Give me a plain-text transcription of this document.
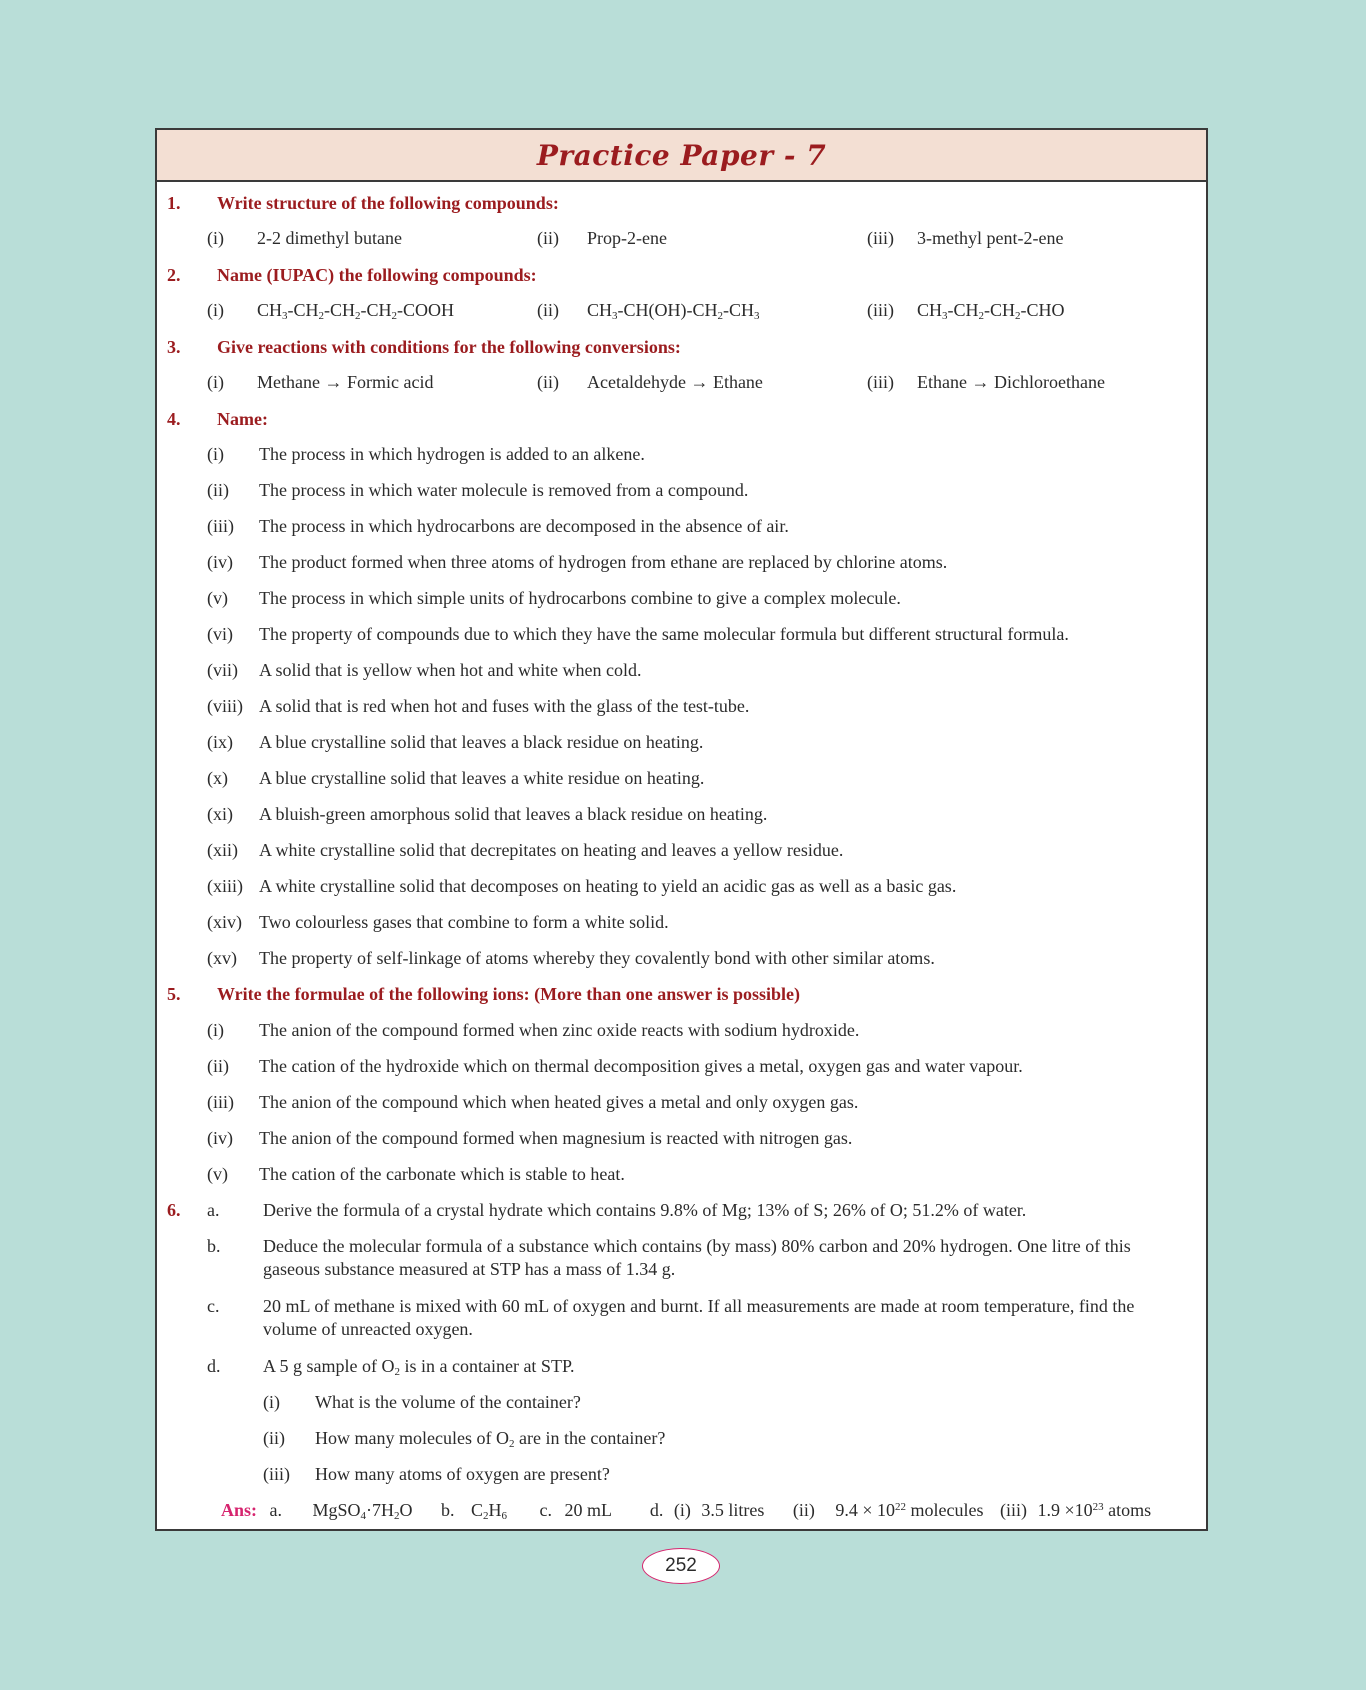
Practice Paper - 7
1.	Write structure of the following compounds:
(i) 2-2 dimethyl butane	(ii) Prop-2-ene	(iii) 3-methyl pent-2-ene
2.	Name (IUPAC) the following compounds:
(i) $CH_3-CH_2-CH_2-CH_2$-COOH	(ii) $CH_3-CH(OH)-CH_2-CH_3$	(iii) $CH_3-CH_2-CH_2$-CHO
3.	Give reactions with conditions for the following conversions:
(i) Methane → Formic acid	(ii) Acetaldehyde → Ethane	(iii) Ethane → Dichloroethane
4.	Name:
(i) The process in which hydrogen is added to an alkene.
(ii) The process in which water molecule is removed from a compound.
(iii) The process in which hydrocarbons are decomposed in the absence of air.
(iv) The product formed when three atoms of hydrogen from ethane are replaced by chlorine atoms.
(v) The process in which simple units of hydrocarbons combine to give a complex molecule.
(vi) The property of compounds due to which they have the same molecular formula but different structural formula.
(vii) A solid that is yellow when hot and white when cold.
(viii) A solid that is red when hot and fuses with the glass of the test-tube.
(ix) A blue crystalline solid that leaves a black residue on heating.
(x) A blue crystalline solid that leaves a white residue on heating.
(xi) A bluish-green amorphous solid that leaves a black residue on heating.
(xii) A white crystalline solid that decrepitates on heating and leaves a yellow residue.
(xiii) A white crystalline solid that decomposes on heating to yield an acidic gas as well as a basic gas.
(xiv) Two colourless gases that combine to form a white solid.
(xv) The property of self-linkage of atoms whereby they covalently bond with other similar atoms.
5.	Write the formulae of the following ions: (More than one answer is possible)
(i) The anion of the compound formed when zinc oxide reacts with sodium hydroxide.
(ii) The cation of the hydroxide which on thermal decomposition gives a metal, oxygen gas and water vapour.
(iii) The anion of the compound which when heated gives a metal and only oxygen gas.
(iv) The anion of the compound formed when magnesium is reacted with nitrogen gas.
(v) The cation of the carbonate which is stable to heat.
6.	a. Derive the formula of a crystal hydrate which contains 9.8% of Mg; 13% of S; 26% of O; 51.2% of water.
b. Deduce the molecular formula of a substance which contains (by mass) 80% carbon and 20% hydrogen. One litre of this gaseous substance measured at STP has a mass of 1.34 g.
c. 20 mL of methane is mixed with 60 mL of oxygen and burnt. If all measurements are made at room temperature, find the volume of unreacted oxygen.
d. A 5 g sample of $O_2$ is in a container at STP.
(i) What is the volume of the container?
(ii) How many molecules of $O_2$ are in the container?
(iii) How many atoms of oxygen are present?
Ans: a. $MgSO_4\cdot 7H_2O$ b. $C_2H_6$ c. 20 mL d. (i) 3.5 litres (ii) $9.4 \times 10^{22}$ molecules (iii) $1.9 \times 10^{23}$ atoms
252
